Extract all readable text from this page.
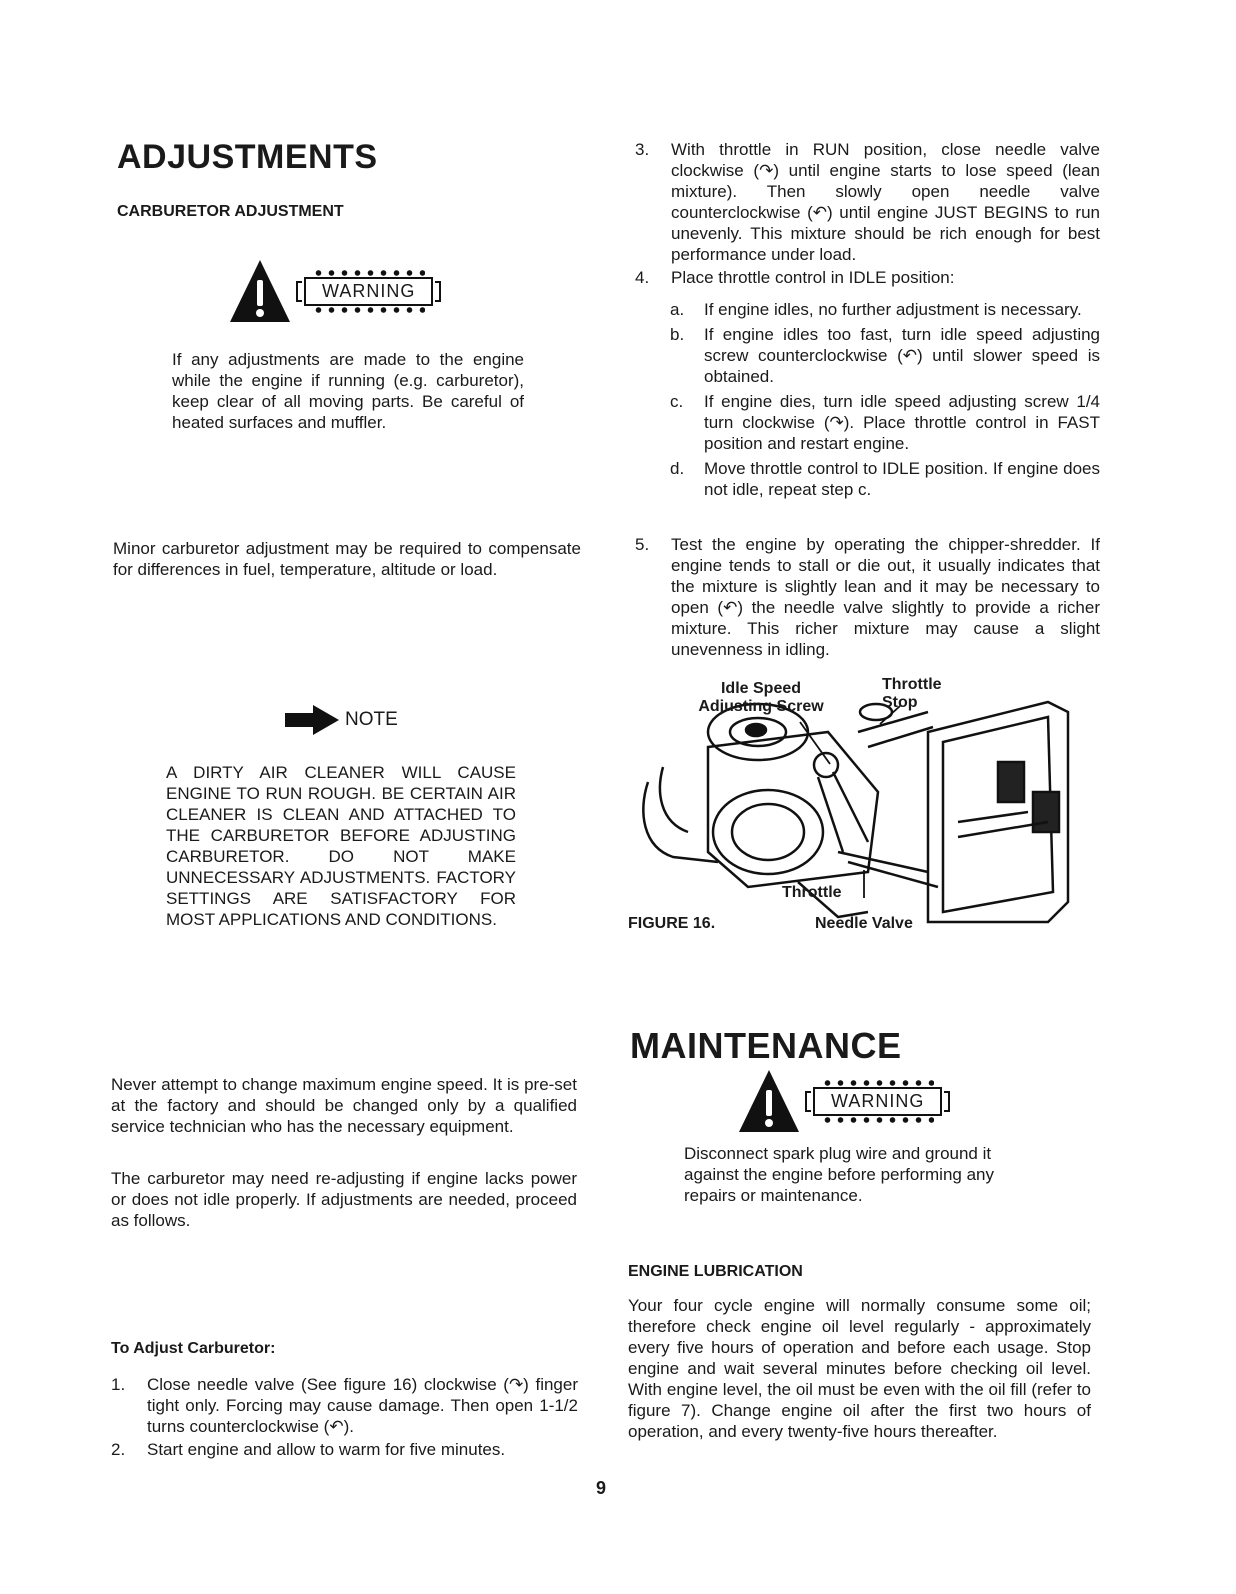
ADJUSTMENTS
CARBURETOR ADJUSTMENT
WARNING
If any adjustments are made to the engine while the engine if running (e.g. carburetor), keep clear of all moving parts. Be careful of heated surfaces and muffler.
Minor carburetor adjustment may be required to compensate for differences in fuel, temperature, altitude or load.
NOTE
A DIRTY AIR CLEANER WILL CAUSE ENGINE TO RUN ROUGH. BE CERTAIN AIR CLEANER IS CLEAN AND ATTACHED TO THE CARBURETOR BEFORE ADJUSTING CARBURETOR. DO NOT MAKE UNNECESSARY ADJUSTMENTS. FACTORY SETTINGS ARE SATISFACTORY FOR MOST APPLICATIONS AND CONDITIONS.
Never attempt to change maximum engine speed. It is pre-set at the factory and should be changed only by a qualified service technician who has the necessary equipment.
The carburetor may need re-adjusting if engine lacks power or does not idle properly. If adjustments are needed, proceed as follows.
To Adjust Carburetor:
1. Close needle valve (See figure 16) clockwise (↷) finger tight only. Forcing may cause damage. Then open 1-1/2 turns counterclockwise (↶).
2. Start engine and allow to warm for five minutes.
3. With throttle in RUN position, close needle valve clockwise (↷) until engine starts to lose speed (lean mixture). Then slowly open needle valve counterclockwise (↶) until engine JUST BEGINS to run unevenly. This mixture should be rich enough for best performance under load.
4. Place throttle control in IDLE position:
a. If engine idles, no further adjustment is necessary.
b. If engine idles too fast, turn idle speed adjusting screw counterclockwise (↶) until slower speed is obtained.
c. If engine dies, turn idle speed adjusting screw 1/4 turn clockwise (↷). Place throttle control in FAST position and restart engine.
d. Move throttle control to IDLE position. If engine does not idle, repeat step c.
5. Test the engine by operating the chipper-shredder. If engine tends to stall or die out, it usually indicates that the mixture is slightly lean and it may be necessary to open (↶) the needle valve slightly to provide a richer mixture. This richer mixture may cause a slight unevenness in idling.
Idle Speed Adjusting Screw
Throttle Stop
Throttle
Needle Valve
FIGURE 16.
MAINTENANCE
WARNING
Disconnect spark plug wire and ground it against the engine before performing any repairs or maintenance.
ENGINE LUBRICATION
Your four cycle engine will normally consume some oil; therefore check engine oil level regularly - approximately every five hours of operation and before each usage. Stop engine and wait several minutes before checking oil level. With engine level, the oil must be even with the oil fill (refer to figure 7). Change engine oil after the first two hours of operation, and every twenty-five hours thereafter.
9
